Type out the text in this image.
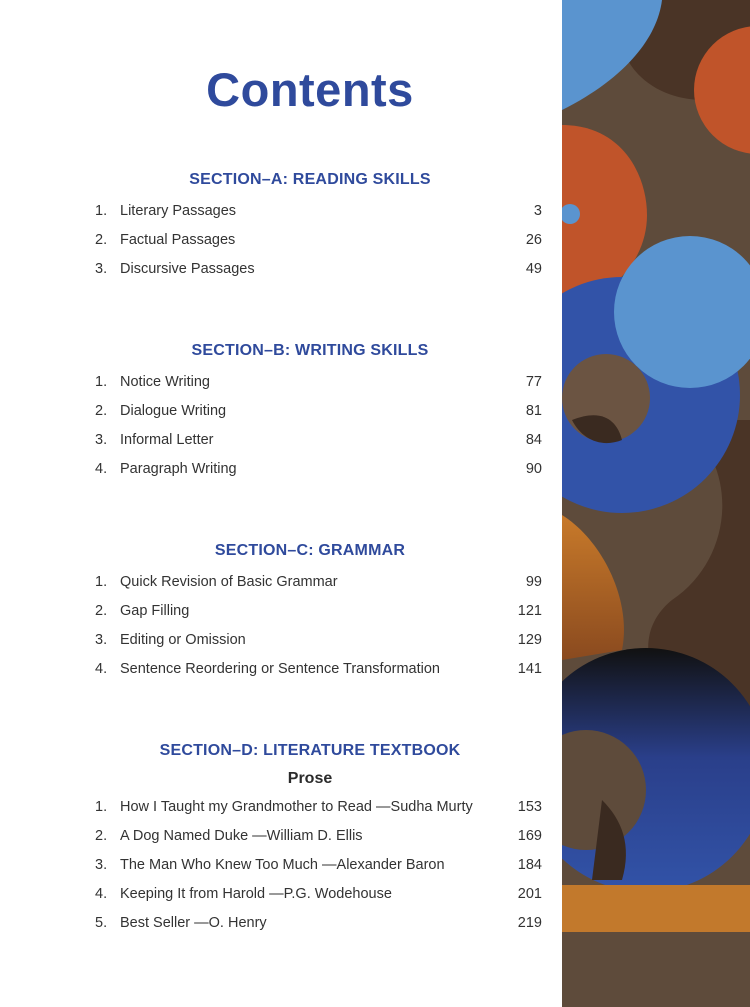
Contents
SECTION–A: READING SKILLS
1. Literary Passages	3
2. Factual Passages	26
3. Discursive Passages	49
SECTION–B: WRITING SKILLS
1. Notice Writing	77
2. Dialogue Writing	81
3. Informal Letter	84
4. Paragraph Writing	90
SECTION–C: GRAMMAR
1. Quick Revision of Basic Grammar	99
2. Gap Filling	121
3. Editing or Omission	129
4. Sentence Reordering or Sentence Transformation	141
SECTION–D: LITERATURE TEXTBOOK
Prose
1. How I Taught my Grandmother to Read —Sudha Murty	153
2. A Dog Named Duke —William D. Ellis	169
3. The Man Who Knew Too Much —Alexander Baron	184
4. Keeping It from Harold —P.G. Wodehouse	201
5. Best Seller —O. Henry	219
